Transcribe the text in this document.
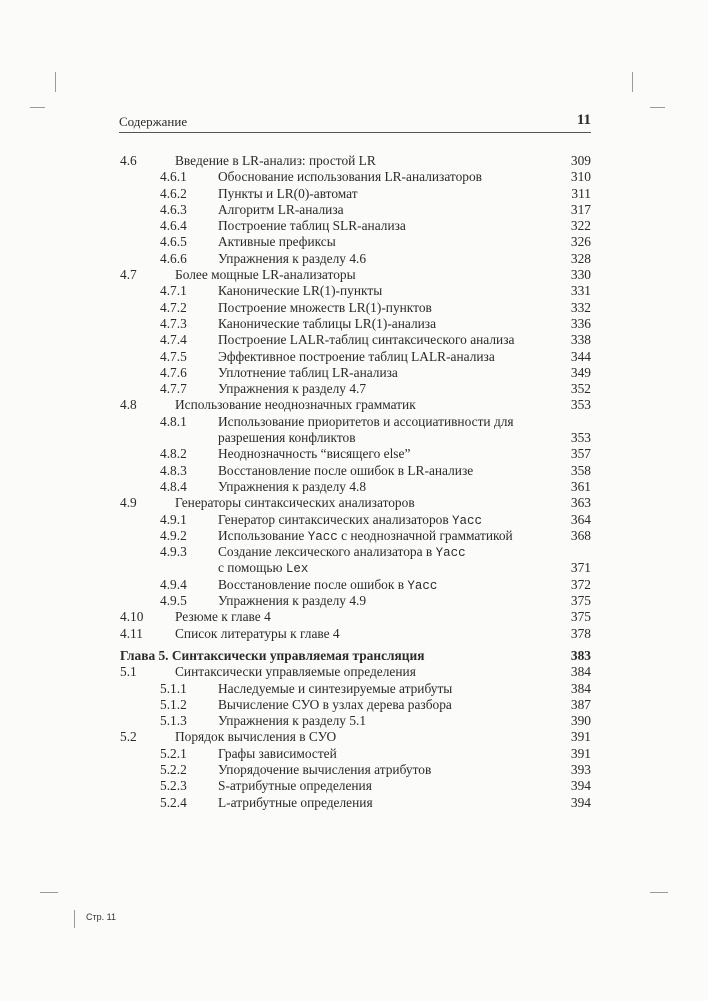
Содержание	11
4.6	Введение в LR-анализ: простой LR	309
4.6.1 Обоснование использования LR-анализаторов	310
4.6.2 Пункты и LR(0)-автомат	311
4.6.3 Алгоритм LR-анализа	317
4.6.4 Построение таблиц SLR-анализа	322
4.6.5 Активные префиксы	326
4.6.6 Упражнения к разделу 4.6	328
4.7	Более мощные LR-анализаторы	330
4.7.1 Канонические LR(1)-пункты	331
4.7.2 Построение множеств LR(1)-пунктов	332
4.7.3 Канонические таблицы LR(1)-анализа	336
4.7.4 Построение LALR-таблиц синтаксического анализа	338
4.7.5 Эффективное построение таблиц LALR-анализа	344
4.7.6 Уплотнение таблиц LR-анализа	349
4.7.7 Упражнения к разделу 4.7	352
4.8	Использование неоднозначных грамматик	353
4.8.1 Использование приоритетов и ассоциативности для
разрешения конфликтов	353
4.8.2 Неоднозначность “висящего else”	357
4.8.3 Восстановление после ошибок в LR-анализе	358
4.8.4 Упражнения к разделу 4.8	361
4.9	Генераторы синтаксических анализаторов	363
4.9.1 Генератор синтаксических анализаторов Yacc	364
4.9.2 Использование Yacc с неоднозначной грамматикой	368
4.9.3 Создание лексического анализатора в Yacc
с помощью Lex	371
4.9.4 Восстановление после ошибок в Yacc	372
4.9.5 Упражнения к разделу 4.9	375
4.10 Резюме к главе 4	375
4.11 Список литературы к главе 4	378
Глава 5. Синтаксически управляемая трансляция	383
5.1	Синтаксически управляемые определения	384
5.1.1 Наследуемые и синтезируемые атрибуты	384
5.1.2 Вычисление СУО в узлах дерева разбора	387
5.1.3 Упражнения к разделу 5.1	390
5.2	Порядок вычисления в СУО	391
5.2.1 Графы зависимостей	391
5.2.2 Упорядочение вычисления атрибутов	393
5.2.3 S-атрибутные определения	394
5.2.4 L-атрибутные определения	394
Стр. 11
